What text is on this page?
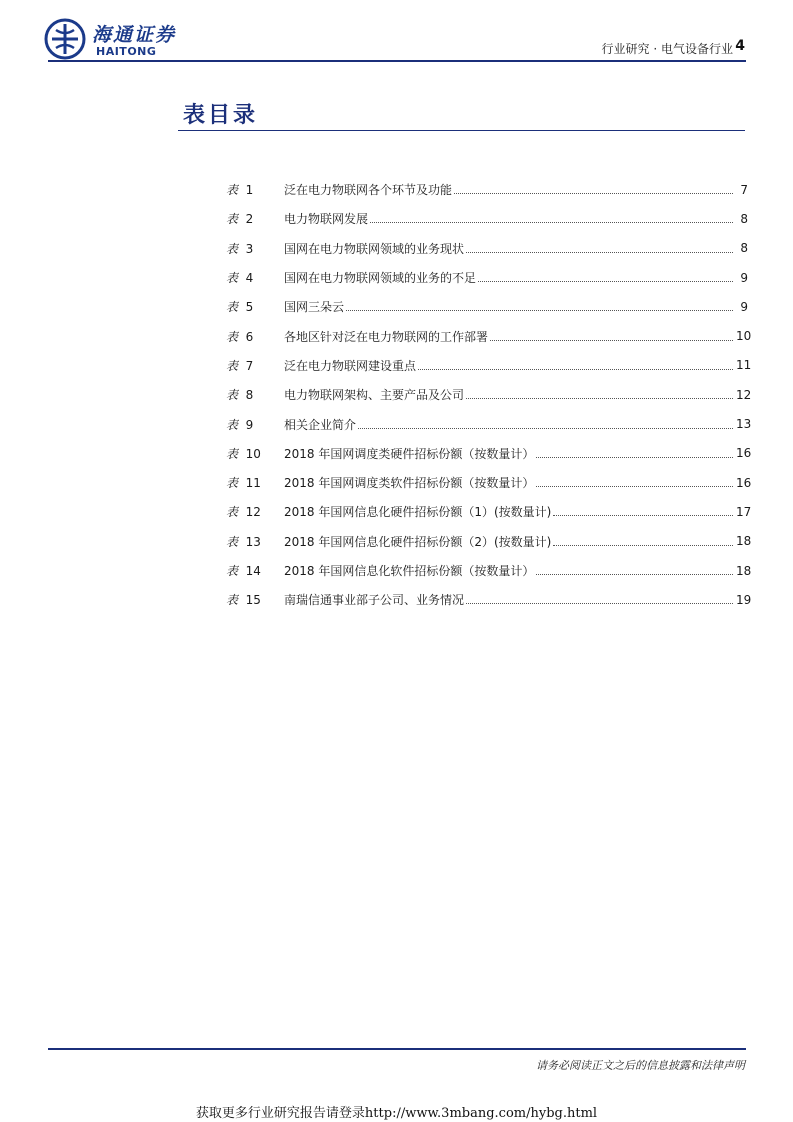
海通证券
HAITONG	行业研究 · 电气设备行业 4
表目录
表 1	泛在电力物联网各个环节及功能	7
表 2	电力物联网发展	8
表 3	国网在电力物联网领域的业务现状	8
表 4	国网在电力物联网领域的业务的不足	9
表 5	国网三朵云	9
表 6	各地区针对泛在电力物联网的工作部署	10
表 7	泛在电力物联网建设重点	11
表 8	电力物联网架构、主要产品及公司	12
表 9	相关企业简介	13
表 10	2018 年国网调度类硬件招标份额（按数量计）	16
表 11	2018 年国网调度类软件招标份额（按数量计）	16
表 12	2018 年国网信息化硬件招标份额（1）(按数量计)	17
表 13	2018 年国网信息化硬件招标份额（2）(按数量计)	18
表 14	2018 年国网信息化软件招标份额（按数量计）	18
表 15	南瑞信通事业部子公司、业务情况	19
请务必阅读正文之后的信息披露和法律声明
获取更多行业研究报告请登录http://www.3mbang.com/hybg.html
